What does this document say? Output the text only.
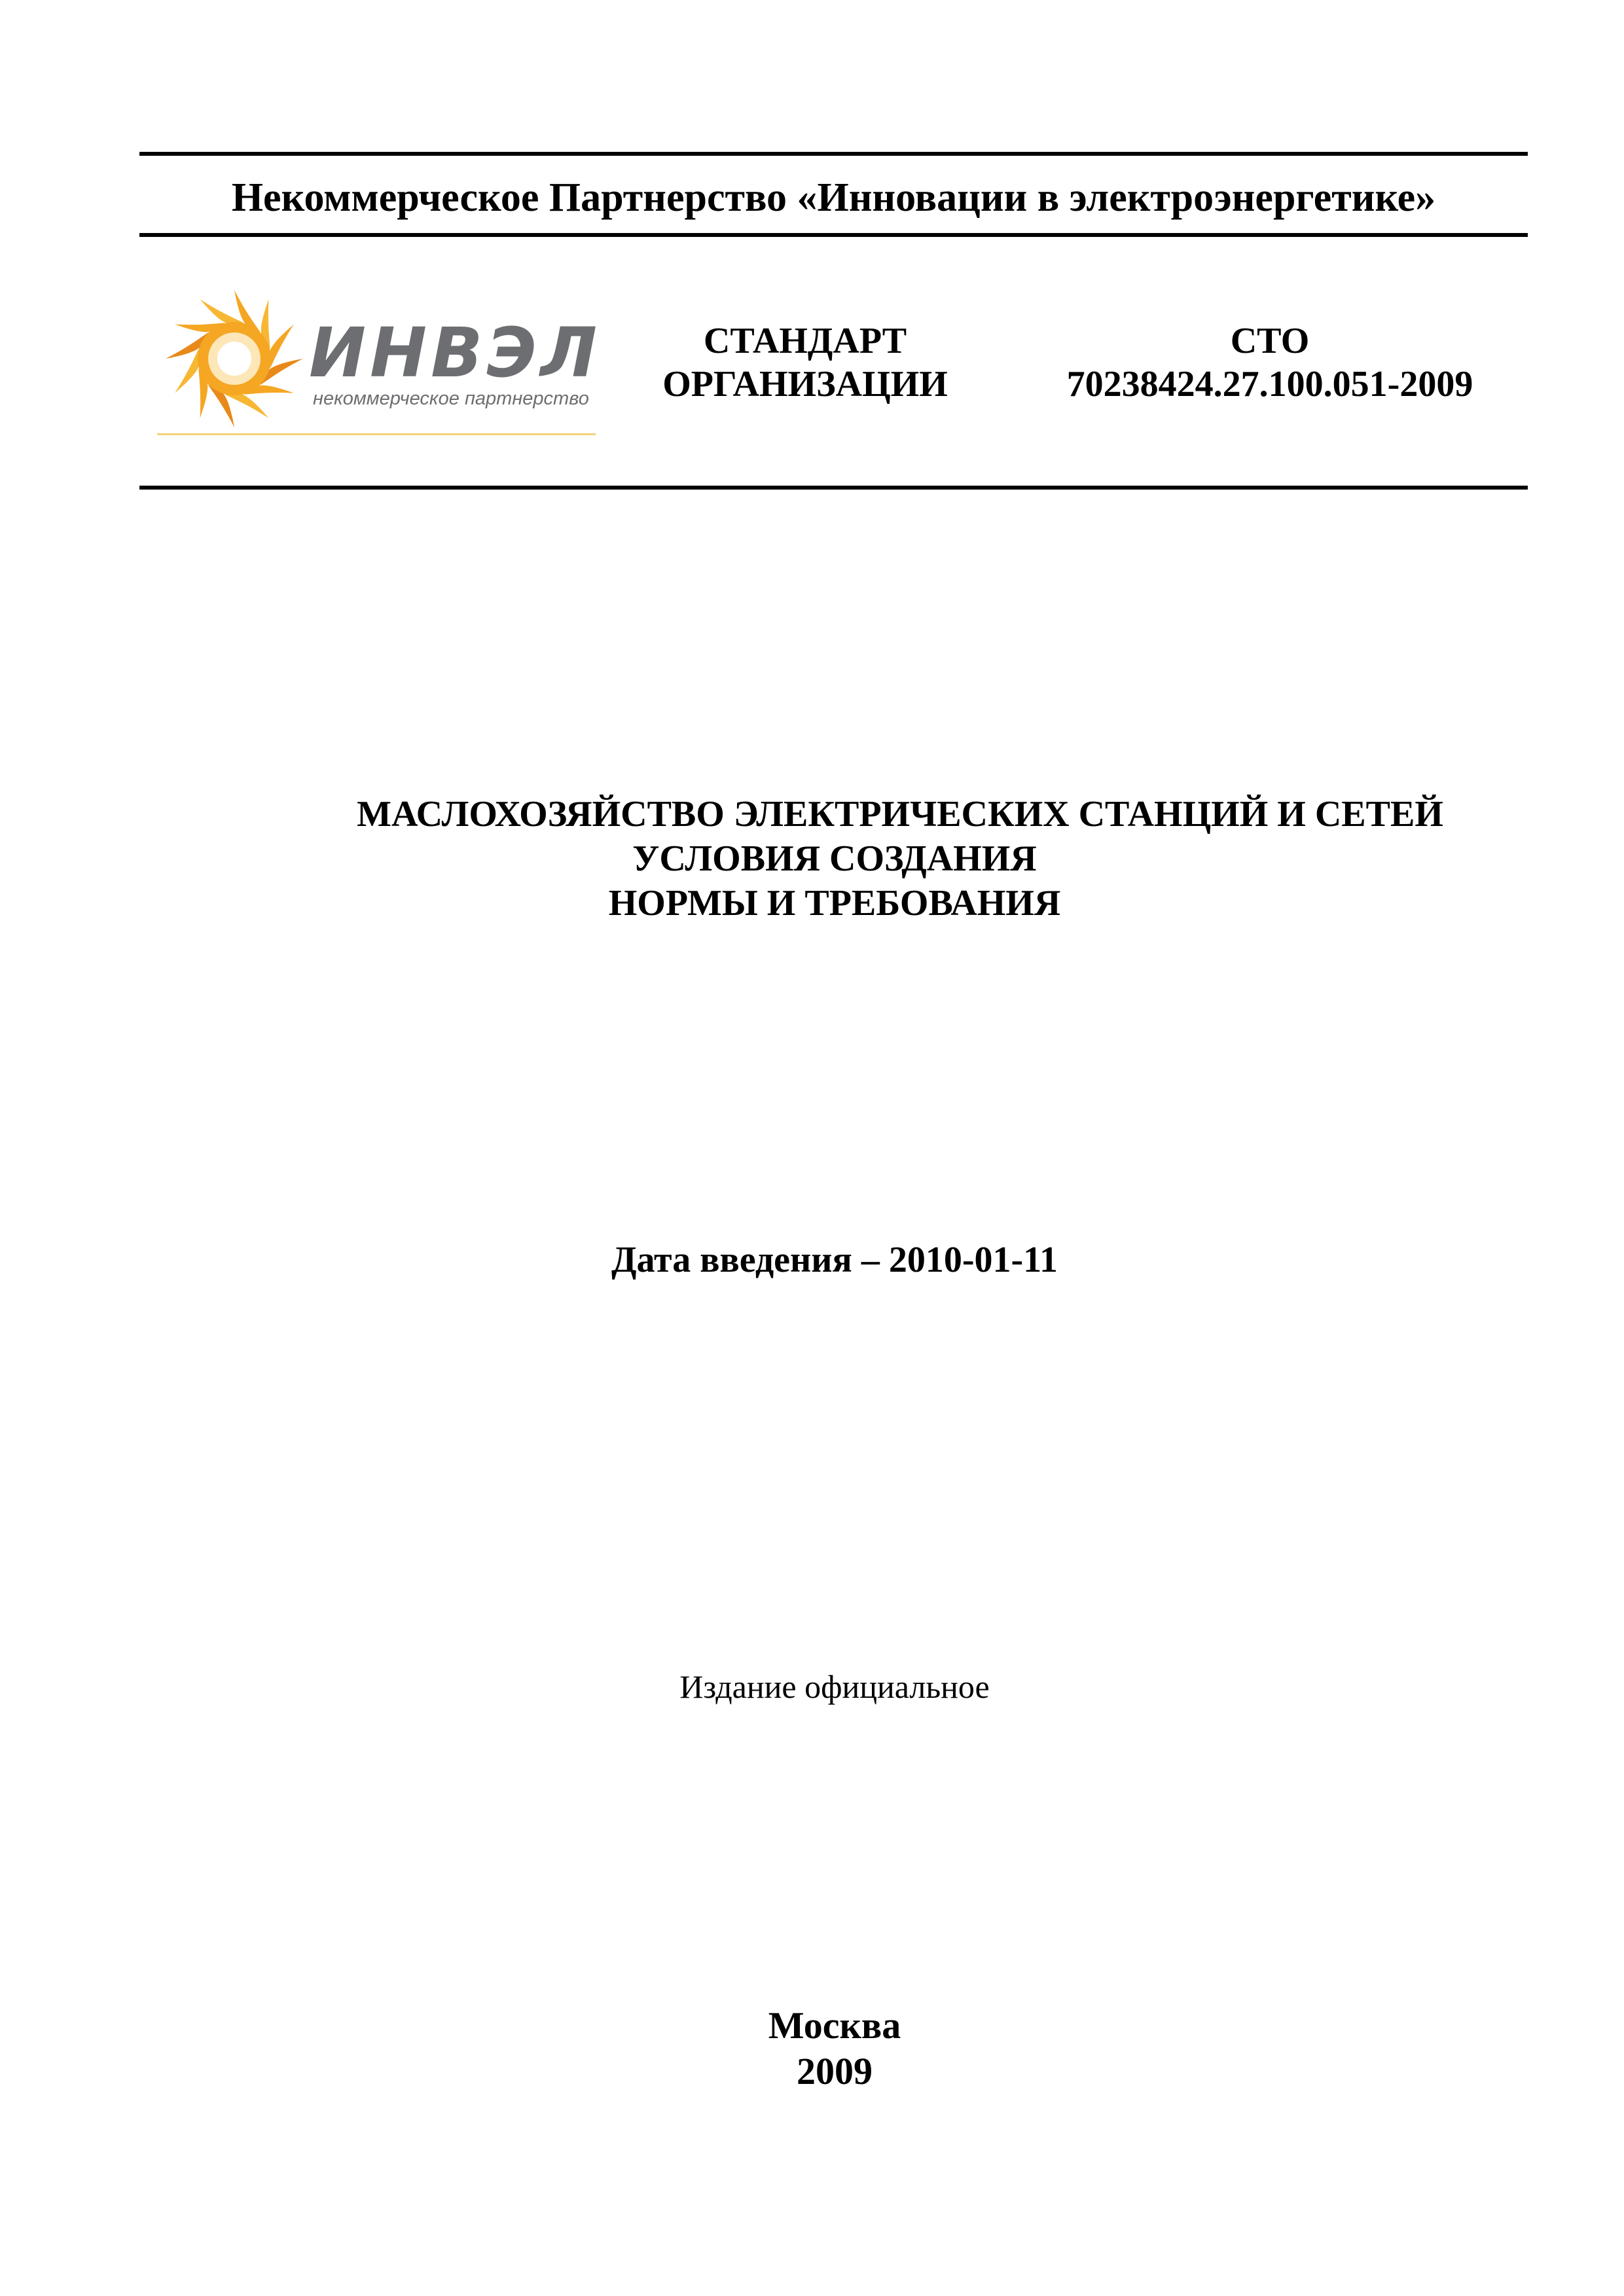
Некоммерческое Партнерство «Инновации в электроэнергетике»
ИНВЭЛ
некоммерческое партнерство
СТАНДАРТ
ОРГАНИЗАЦИИ
СТО
70238424.27.100.051-2009
МАСЛОХОЗЯЙСТВО ЭЛЕКТРИЧЕСКИХ СТАНЦИЙ И СЕТЕЙ
УСЛОВИЯ СОЗДАНИЯ
НОРМЫ И ТРЕБОВАНИЯ
Дата введения – 2010-01-11
Издание официальное
Москва
2009
